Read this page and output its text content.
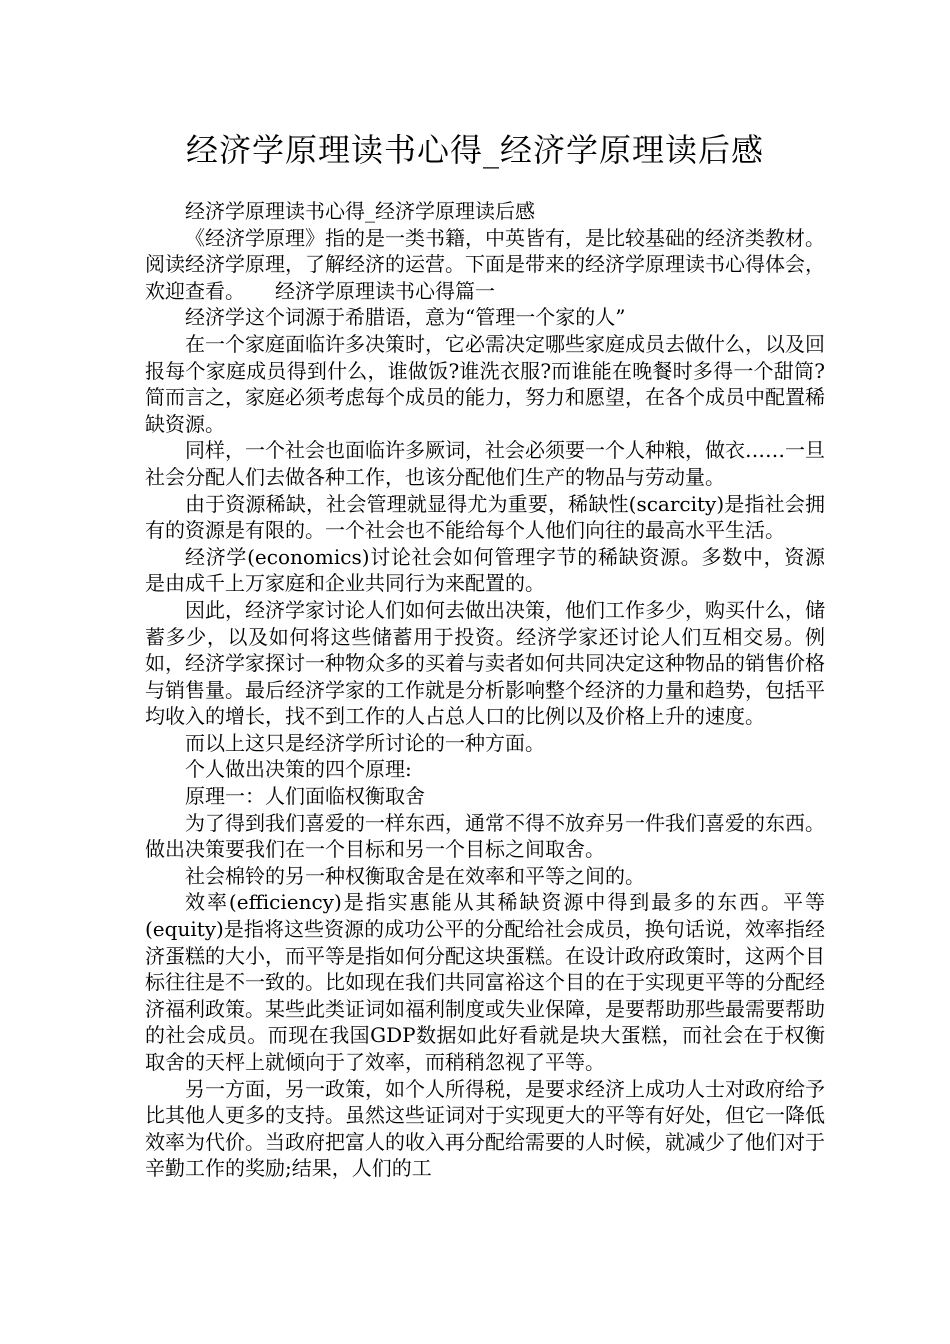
经济学原理读书心得_经济学原理读后感

经济学原理读书心得_经济学原理读后感

《经济学原理》指的是一类书籍，中英皆有，是比较基础的经济类教材。阅读经济学原理，了解经济的运营。下面是带来的经济学原理读书心得体会，欢迎查看。　　经济学原理读书心得篇一

经济学这个词源于希腊语，意为“管理一个家的人”

在一个家庭面临许多决策时，它必需决定哪些家庭成员去做什么，以及回报每个家庭成员得到什么，谁做饭?谁洗衣服?而谁能在晚餐时多得一个甜筒?简而言之，家庭必须考虑每个成员的能力，努力和愿望，在各个成员中配置稀缺资源。

同样，一个社会也面临许多厥词，社会必须要一个人种粮，做衣……一旦社会分配人们去做各种工作，也该分配他们生产的物品与劳动量。

由于资源稀缺，社会管理就显得尤为重要，稀缺性(scarcity)是指社会拥有的资源是有限的。一个社会也不能给每个人他们向往的最高水平生活。

经济学(economics)讨论社会如何管理字节的稀缺资源。多数中，资源是由成千上万家庭和企业共同行为来配置的。

因此，经济学家讨论人们如何去做出决策，他们工作多少，购买什么，储蓄多少，以及如何将这些储蓄用于投资。经济学家还讨论人们互相交易。例如，经济学家探讨一种物众多的买着与卖者如何共同决定这种物品的销售价格与销售量。最后经济学家的工作就是分析影响整个经济的力量和趋势，包括平均收入的增长，找不到工作的人占总人口的比例以及价格上升的速度。

而以上这只是经济学所讨论的一种方面。

个人做出决策的四个原理:

原理一：人们面临权衡取舍

为了得到我们喜爱的一样东西，通常不得不放弃另一件我们喜爱的东西。做出决策要我们在一个目标和另一个目标之间取舍。

社会棉铃的另一种权衡取舍是在效率和平等之间的。

效率(efficiency)是指实惠能从其稀缺资源中得到最多的东西。平等(equity)是指将这些资源的成功公平的分配给社会成员，换句话说，效率指经济蛋糕的大小，而平等是指如何分配这块蛋糕。在设计政府政策时，这两个目标往往是不一致的。比如现在我们共同富裕这个目的在于实现更平等的分配经济福利政策。某些此类证词如福利制度或失业保障，是要帮助那些最需要帮助的社会成员。而现在我国GDP数据如此好看就是块大蛋糕，而社会在于权衡取舍的天枰上就倾向于了效率，而稍稍忽视了平等。

另一方面，另一政策，如个人所得税，是要求经济上成功人士对政府给予比其他人更多的支持。虽然这些证词对于实现更大的平等有好处，但它一降低效率为代价。当政府把富人的收入再分配给需要的人时候，就减少了他们对于辛勤工作的奖励;结果，人们的工
